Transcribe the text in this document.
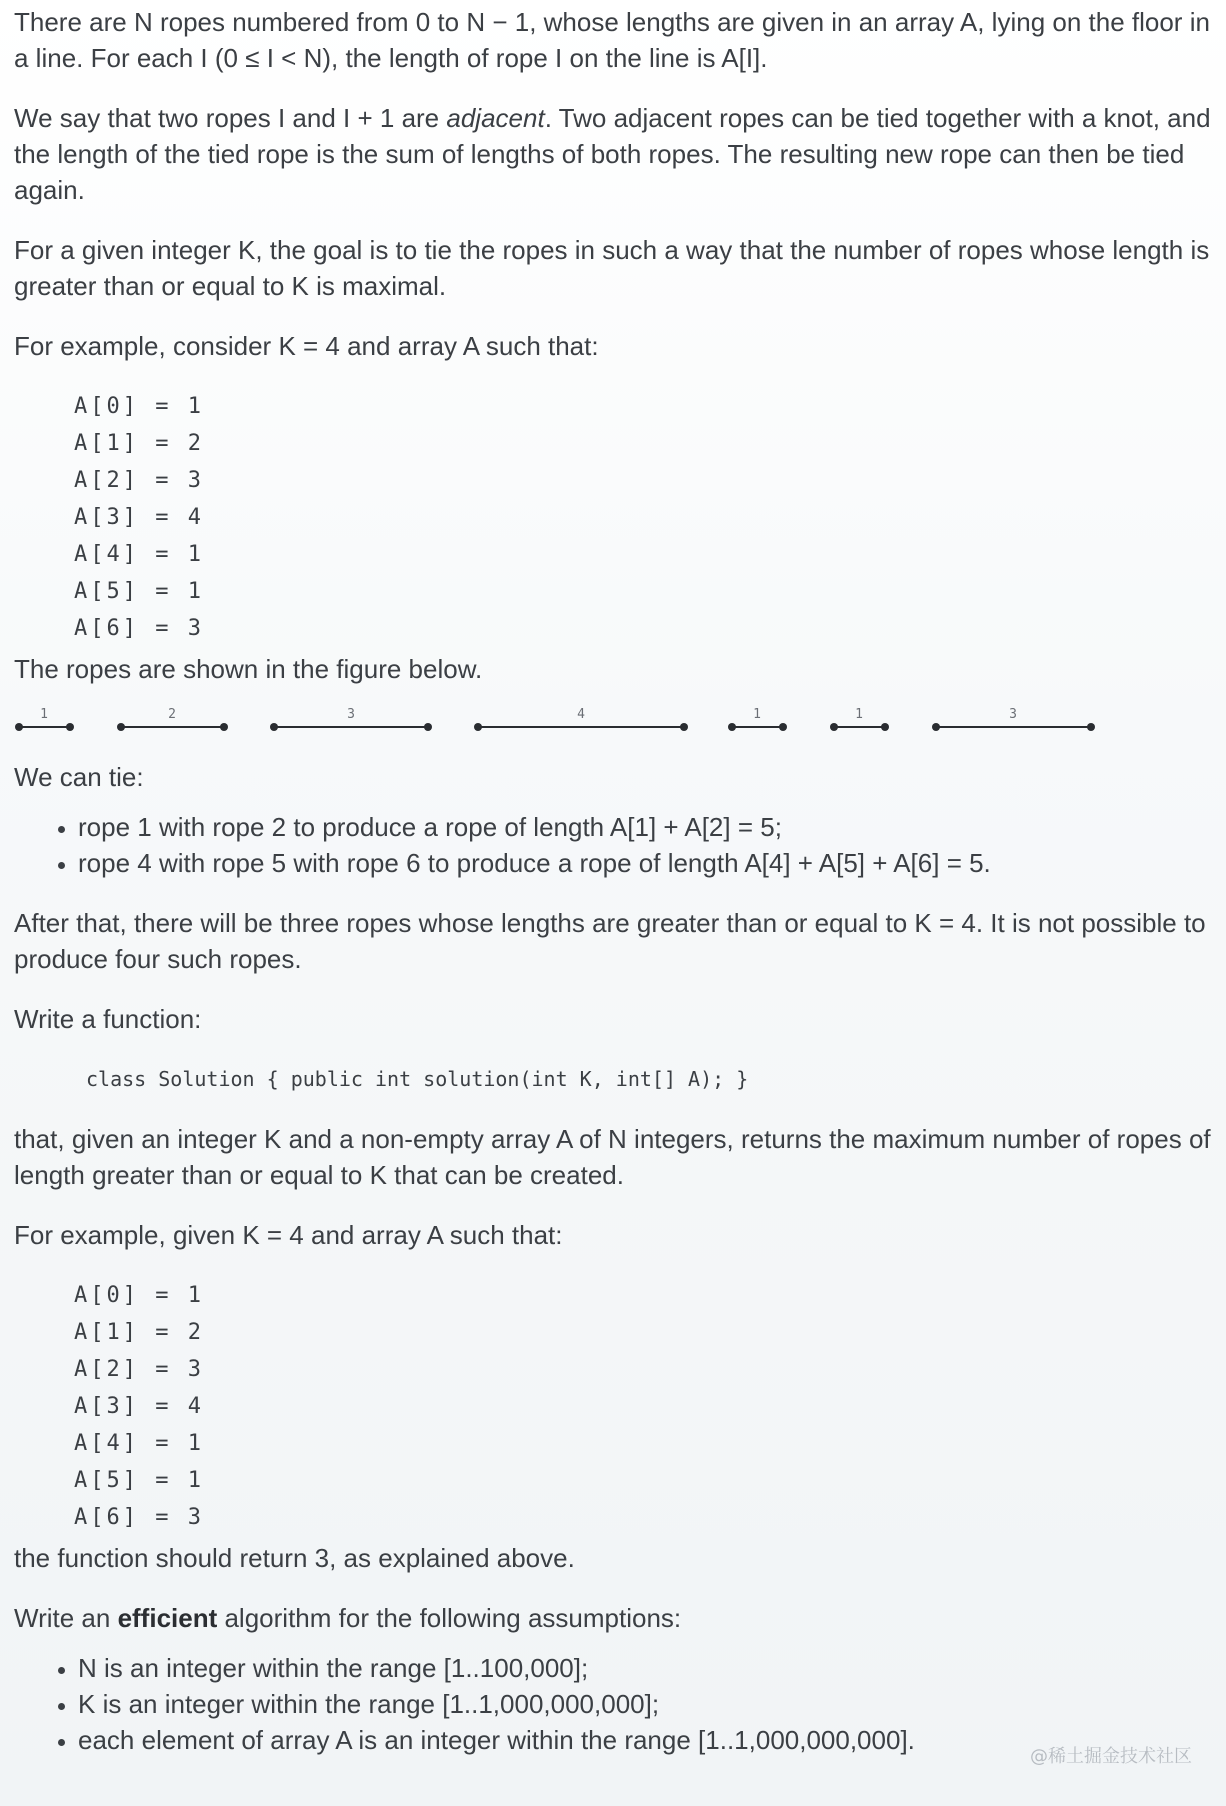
There are N ropes numbered from 0 to N − 1, whose lengths are given in an array A, lying on the floor in a line. For each I (0 ≤ I < N), the length of rope I on the line is A[I].

We say that two ropes I and I + 1 are adjacent. Two adjacent ropes can be tied together with a knot, and the length of the tied rope is the sum of lengths of both ropes. The resulting new rope can then be tied again.

For a given integer K, the goal is to tie the ropes in such a way that the number of ropes whose length is greater than or equal to K is maximal.

For example, consider K = 4 and array A such that:

A[0] = 1
A[1] = 2
A[2] = 3
A[3] = 4
A[4] = 1
A[5] = 1
A[6] = 3

The ropes are shown in the figure below.

1	2	3	4	1	1	3

We can tie:

• rope 1 with rope 2 to produce a rope of length A[1] + A[2] = 5;
• rope 4 with rope 5 with rope 6 to produce a rope of length A[4] + A[5] + A[6] = 5.

After that, there will be three ropes whose lengths are greater than or equal to K = 4. It is not possible to produce four such ropes.

Write a function:

class Solution { public int solution(int K, int[] A); }

that, given an integer K and a non-empty array A of N integers, returns the maximum number of ropes of length greater than or equal to K that can be created.

For example, given K = 4 and array A such that:

A[0] = 1
A[1] = 2
A[2] = 3
A[3] = 4
A[4] = 1
A[5] = 1
A[6] = 3

the function should return 3, as explained above.

Write an efficient algorithm for the following assumptions:

• N is an integer within the range [1..100,000];
• K is an integer within the range [1..1,000,000,000];
• each element of array A is an integer within the range [1..1,000,000,000].
@稀土掘金技术社区
